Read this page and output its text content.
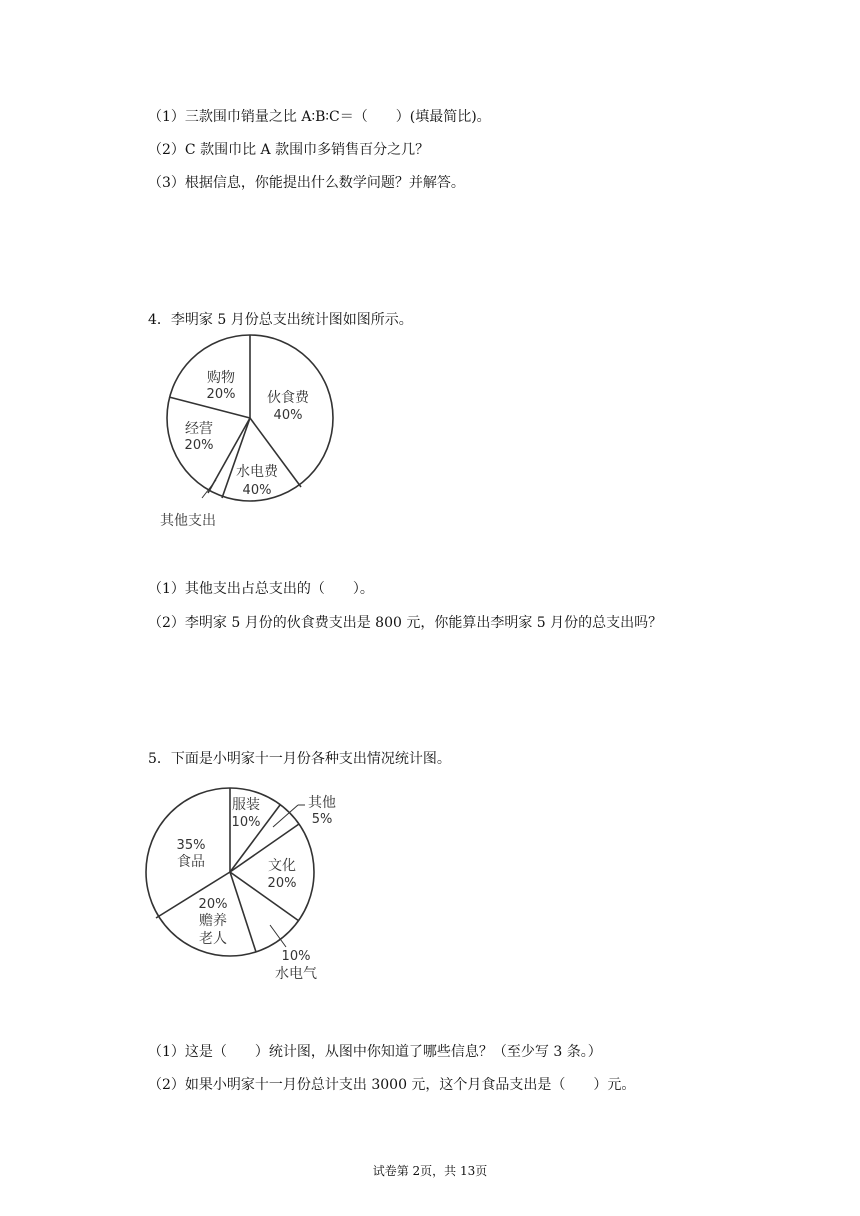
（1）三款围巾销量之比 A∶B∶C＝（　　）(填最简比)。
（2）C 款围巾比 A 款围巾多销售百分之几？
（3）根据信息，你能提出什么数学问题？并解答。
4．李明家 5 月份总支出统计图如图所示。
购物
20% 伙食费
40%
经营
20%
水电费
40%
其他支出
（1）其他支出占总支出的（　　）。
（2）李明家 5 月份的伙食费支出是 800 元，你能算出李明家 5 月份的总支出吗？
5．下面是小明家十一月份各种支出情况统计图。
服装
10%
其他
5%
35%
食品	文化
20%
20%
赡养
老人
10%
水电气
（1）这是（　　）统计图，从图中你知道了哪些信息？（至少写 3 条。）
（2）如果小明家十一月份总计支出 3000 元，这个月食品支出是（　　）元。
试卷第 2页，共 13页
